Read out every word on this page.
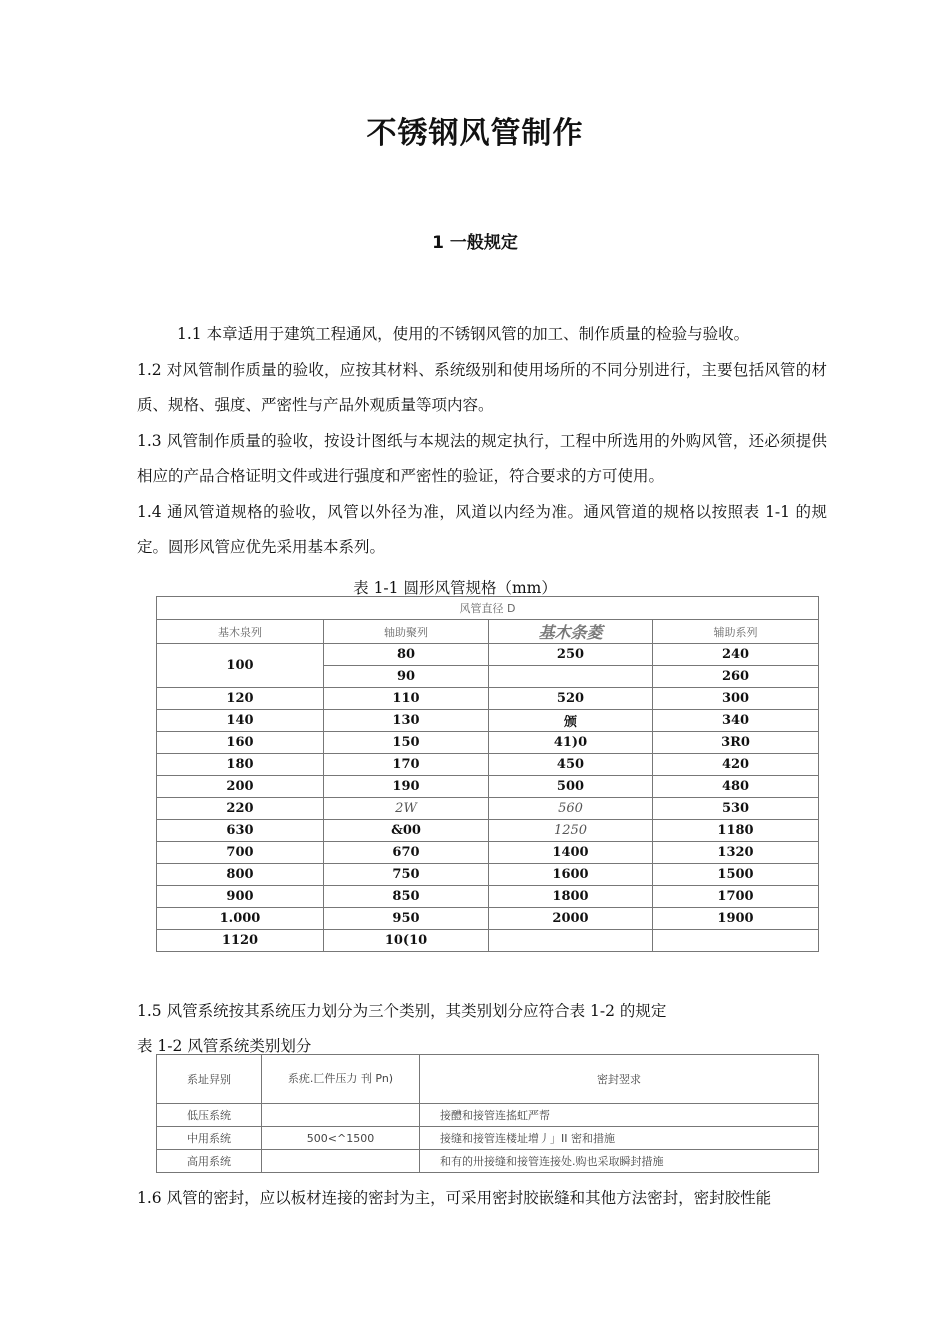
不锈钢风管制作
1 一般规定

1.1 本章适用于建筑工程通风，使用的不锈钢风管的加工、制作质量的检验与验收。

1.2 对风管制作质量的验收，应按其材料、系统级别和使用场所的不同分别进行，主要包括风管的材质、规格、强度、严密性与产品外观质量等项内容。

1.3 风管制作质量的验收，按设计图纸与本规法的规定执行，工程中所选用的外购风管，还必须提供相应的产品合格证明文件或进行强度和严密性的验证，符合要求的方可使用。

1.4 通风管道规格的验收，风管以外径为准，风道以内经为准。通风管道的规格以按照表 1-1 的规定。圆形风管应优先采用基本系列。

表 1-1 圆形风管规格（mm）
风管直径 D			
基木泉列	轴助聚列	基木条菱	辅助系列
100	80	250	240
	90		260
120	110	520	300
140	130	颁	340
160	150	41)0	3R0
180	170	450	420
200	190	500	480
220	2W	560	530
630	&00	1250	1180
700	670	1400	1320
800	750	1600	1500
900	850	1800	1700
1.000	950	2000	1900
1120	10(10		
1.5 风管系统按其系统压力划分为三个类别，其类别划分应符合表 1-2 的规定
表 1-2 风管系统类别划分
系址舁别	系疣.匚件压力 刊 Pn)	密封翌求
低压系统		接醴和接管连搖虹严帮
中用系统	500<^1500	接缝和接管连楼址增丿」II 密和措施
高用系统		和有的卅接缝和接管连接处.购也采取瞬封措施
1.6 风管的密封，应以板材连接的密封为主，可采用密封胶嵌缝和其他方法密封，密封胶性能
